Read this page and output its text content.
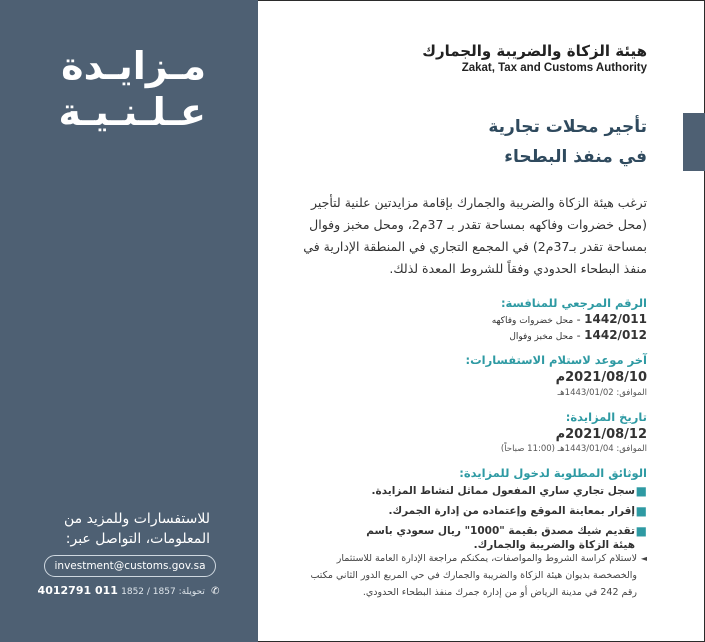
مـزايـدة
عـلـنـيـة
للاستفسارات وللمزيد من المعلومات، التواصل عبر:
investment@customs.gov.sa
تحويلة: 1857 / 1852 011 4012791	✆
هيئة الزكاة والضريبة والجمارك
Zakat, Tax and Customs Authority
تأجير محلات تجارية
في منفذ البطحاء
ترغب هيئة الزكاة والضريبة والجمارك بإقامة مزايدتين علنية لتأجير (محل خضروات وفاكهه بمساحة تقدر بـ 37م2، ومحل مخبز وفوال بمساحة تقدر بـ37م2) في المجمع التجاري في المنطقة الإدارية في منفذ البطحاء الحدودي وفقاً للشروط المعدة لذلك.
الرقم المرجعي للمنافسة:
1442/011 - محل خضروات وفاكهه
1442/012 - محل مخبز وفوال
آخر موعد لاستلام الاستفسارات:
2021/08/10م
الموافق: 1443/01/02هـ
تاريخ المزايدة:
2021/08/12م
الموافق: 1443/01/04هـ (11:00 صباحاً)
الوثائق المطلوبة لدخول للمزايدة:
■
سجل تجاري ساري المفعول مماثل لنشاط المزايدة.
■
إقرار بمعاينة الموقع وإعتماده من إدارة الجمرك.
■
تقديم شيك مصدق بقيمة "1000" ريال سعودي باسم هيئة الزكاة والضريبة والجمارك.
◄
لاستلام كراسة الشروط والمواصفات، يمكنكم مراجعة الإدارة العامة للاستثمار والخصخصة بديوان هيئة الزكاة والضريبة والجمارك في حي المربع الدور الثاني مكتب رقم 242 في مدينة الرياض أو من إدارة جمرك منفذ البطحاء الحدودي.
